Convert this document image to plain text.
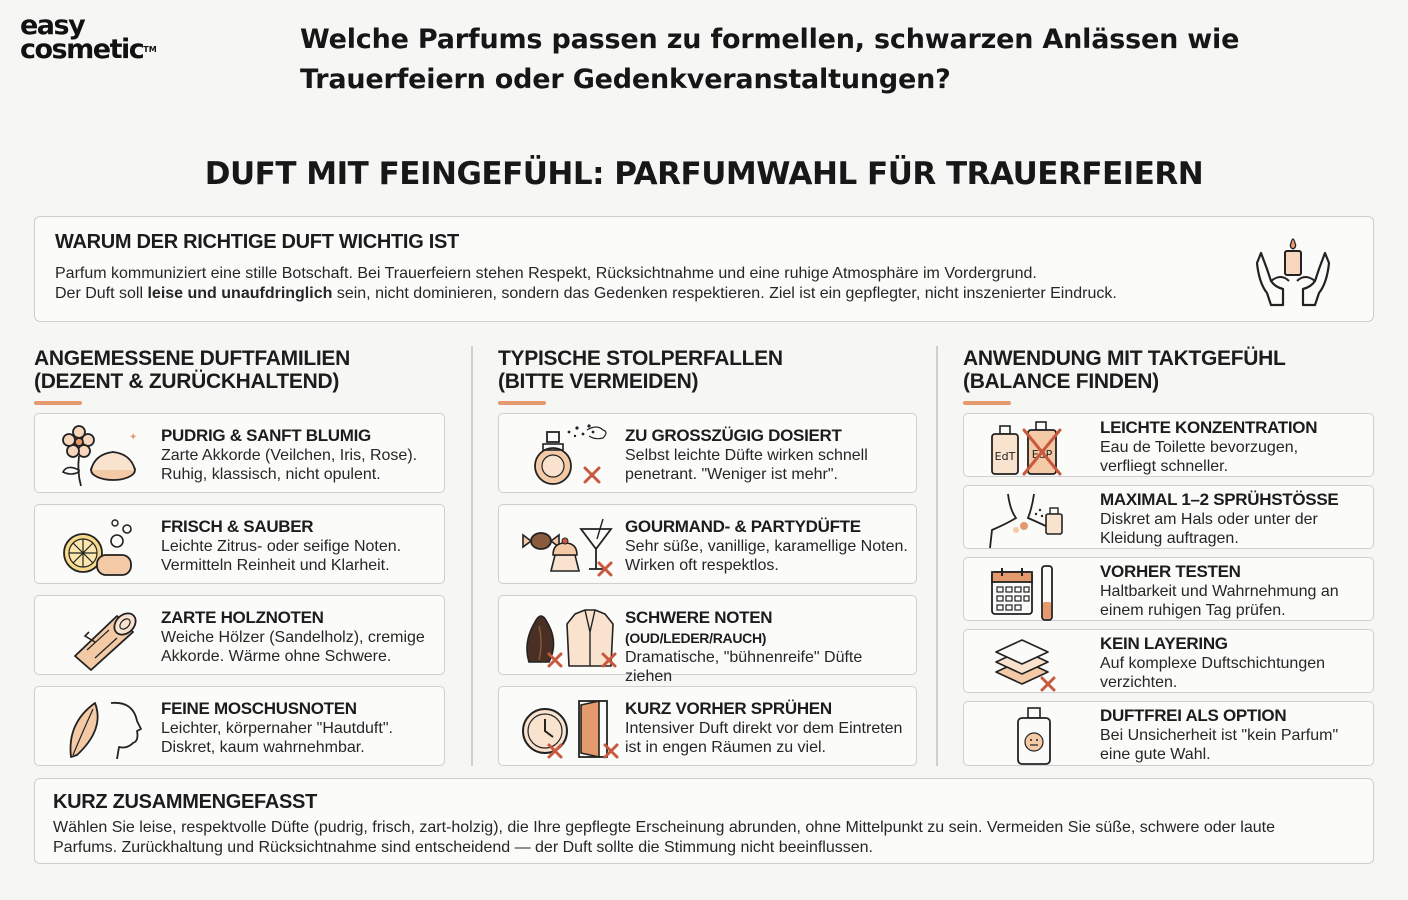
easy
cosmetic™	Welche Parfums passen zu formellen, schwarzen Anlässen wie Trauerfeiern oder Gedenkveranstaltungen?
DUFT MIT FEINGEFÜHL: PARFUMWAHL FÜR TRAUERFEIERN
WARUM DER RICHTIGE DUFT WICHTIG IST

Parfum kommuniziert eine stille Botschaft. Bei Trauerfeiern stehen Respekt, Rücksichtnahme und eine ruhige Atmosphäre im Vordergrund.

Der Duft soll leise und unaufdringlich sein, nicht dominieren, sondern das Gedenken respektieren. Ziel ist ein gepflegter, nicht inszenierter Eindruck.

ANGEMESSENE DUFTFAMILIEN
(DEZENT & ZURÜCKHALTEND)
TYPISCHE STOLPERFALLEN
(BITTE VERMEIDEN)
ANWENDUNG MIT TAKTGEFÜHL
(BALANCE FINDEN)
✦ PUDRIG & SANFT BLUMIG

Zarte Akkorde (Veilchen, Iris, Rose).

Ruhig, klassisch, nicht opulent.

FRISCH & SAUBER

Leichte Zitrus- oder seifige Noten.

Vermitteln Reinheit und Klarheit.

ZARTE HOLZNOTEN

Weiche Hölzer (Sandelholz), cremige

Akkorde. Wärme ohne Schwere.

FEINE MOSCHUSNOTEN

Leichter, körpernaher "Hautduft".

Diskret, kaum wahrnehmbar.

ZU GROSSZÜGIG DOSIERT

Selbst leichte Düfte wirken schnell

penetrant. "Weniger ist mehr".

GOURMAND- & PARTYDÜFTE

Sehr süße, vanillige, karamellige Noten.

Wirken oft respektlos.

SCHWERE NOTEN (OUD/LEDER/RAUCH)

Dramatische, "bühnenreife" Düfte ziehen

KURZ VORHER SPRÜHEN

Intensiver Duft direkt vor dem Eintreten

ist in engen Räumen zu viel.

EdT EdP
LEICHTE KONZENTRATION

Eau de Toilette bevorzugen,

verfliegt schneller.

MAXIMAL 1–2 SPRÜHSTÖSSE

Diskret am Hals oder unter der

Kleidung auftragen.

VORHER TESTEN

Haltbarkeit und Wahrnehmung an

einem ruhigen Tag prüfen.

KEIN LAYERING

Auf komplexe Duftschichtungen

verzichten.

DUFTFREI ALS OPTION

Bei Unsicherheit ist "kein Parfum"

eine gute Wahl.

KURZ ZUSAMMENGEFASST

Wählen Sie leise, respektvolle Düfte (pudrig, frisch, zart-holzig), die Ihre gepflegte Erscheinung abrunden, ohne Mittelpunkt zu sein. Vermeiden Sie süße, schwere oder laute

Parfums. Zurückhaltung und Rücksichtnahme sind entscheidend — der Duft sollte die Stimmung nicht beeinflussen.
